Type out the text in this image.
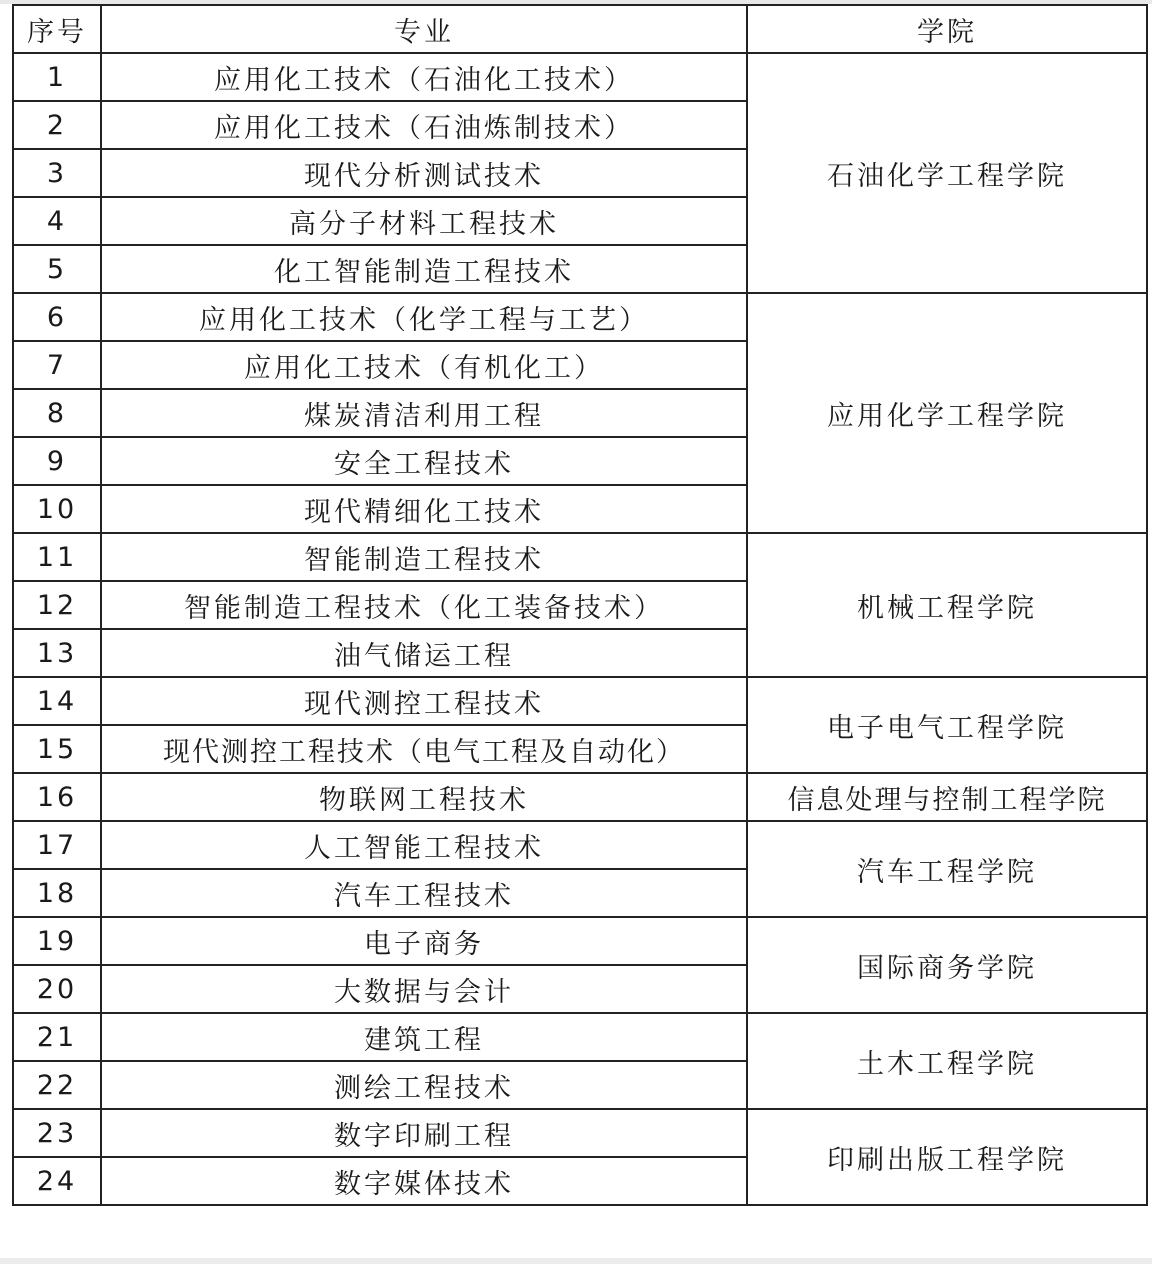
序号	专业	学院
1	应用化工技术（石油化工技术）	石油化学工程学院
2	应用化工技术（石油炼制技术）	
3	现代分析测试技术	
4	高分子材料工程技术	
5	化工智能制造工程技术	
6	应用化工技术（化学工程与工艺）	应用化学工程学院
7	应用化工技术（有机化工）	
8	煤炭清洁利用工程	
9	安全工程技术	
10	现代精细化工技术	
11	智能制造工程技术	机械工程学院
12	智能制造工程技术（化工装备技术）	
13	油气储运工程	
14	现代测控工程技术	电子电气工程学院
15	现代测控工程技术（电气工程及自动化）	
16	物联网工程技术	信息处理与控制工程学院
17	人工智能工程技术	汽车工程学院
18	汽车工程技术	
19	电子商务	国际商务学院
20	大数据与会计	
21	建筑工程	土木工程学院
22	测绘工程技术	
23	数字印刷工程	印刷出版工程学院
24	数字媒体技术	
